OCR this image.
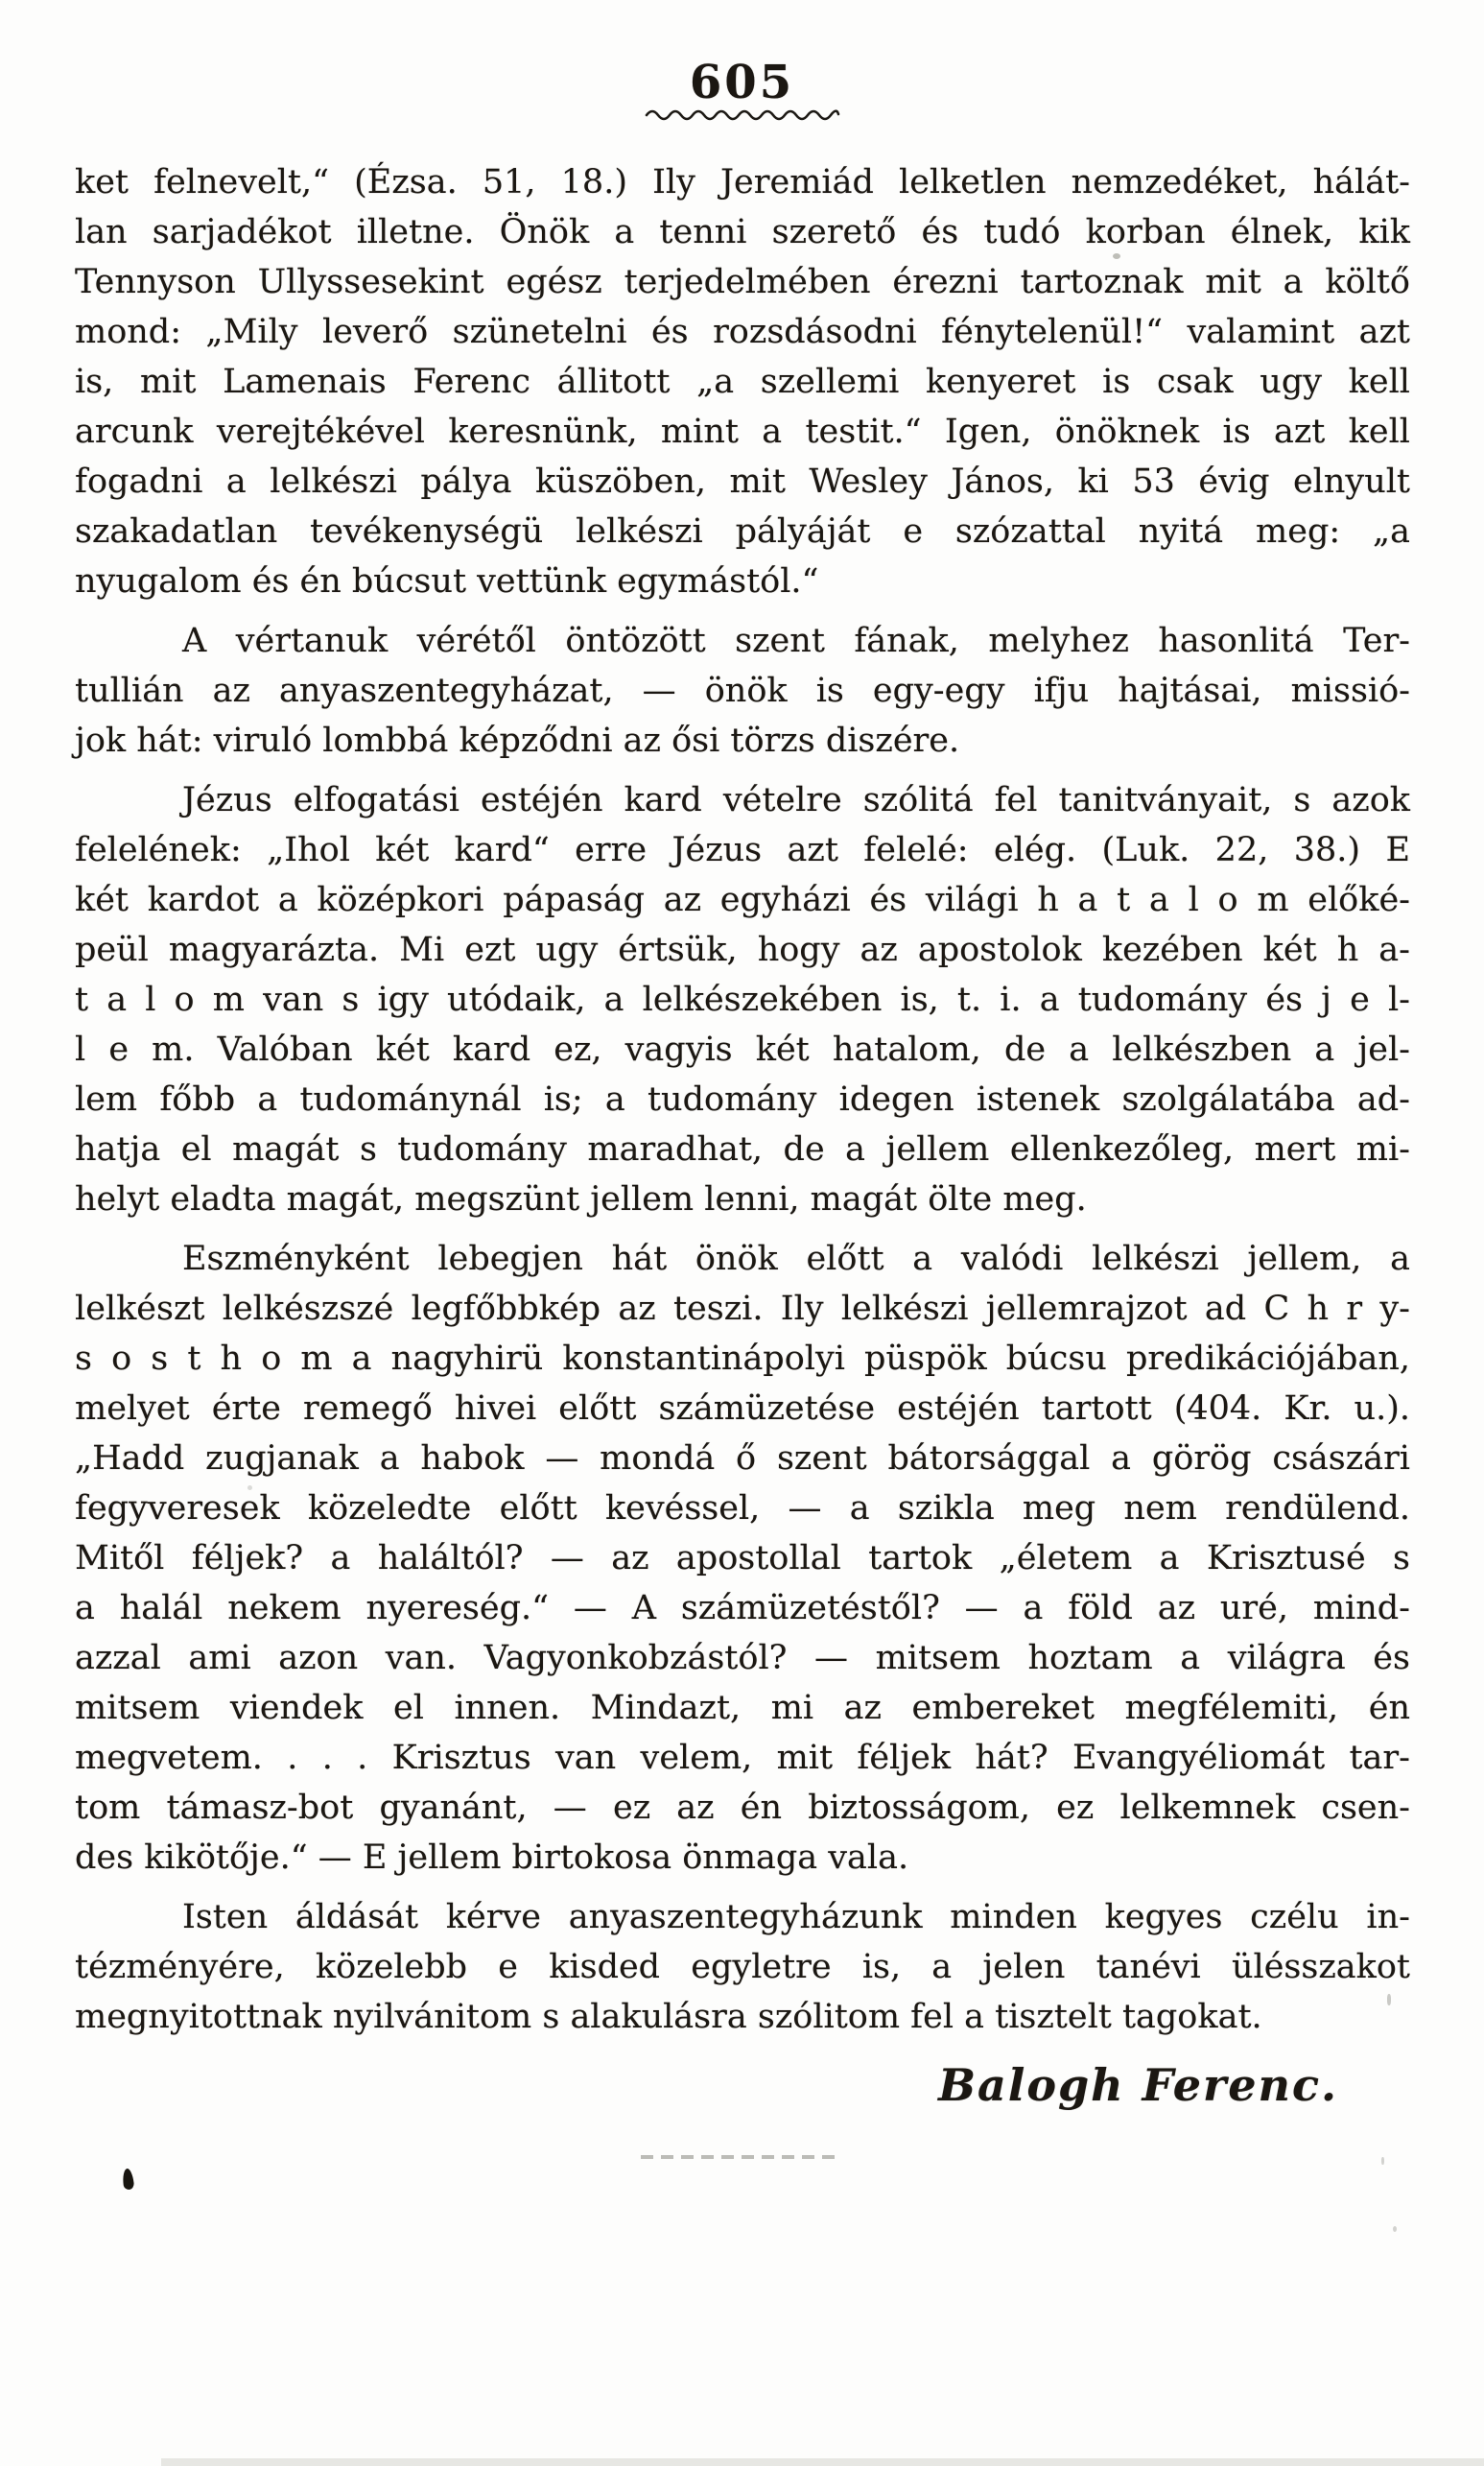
605
ket felnevelt,“ (Ézsa. 51, 18.) Ily Jeremiád lelketlen nemzedéket, hálát-
lan sarjadékot illetne. Önök a tenni szerető és tudó korban élnek, kik
Tennyson Ullyssesekint egész terjedelmében érezni tartoznak mit a költő
mond: „Mily leverő szünetelni és rozsdásodni fénytelenül!“ valamint azt
is, mit Lamenais Ferenc állitott „a szellemi kenyeret is csak ugy kell
arcunk verejtékével keresnünk, mint a testit.“ Igen, önöknek is azt kell
fogadni a lelkészi pálya küszöben, mit Wesley János, ki 53 évig elnyult
szakadatlan tevékenységü lelkészi pályáját e szózattal nyitá meg: „a
nyugalom és én búcsut vettünk egymástól.“
A vértanuk vérétől öntözött szent fának, melyhez hasonlitá Ter-
tullián az anyaszentegyházat, — önök is egy-egy ifju hajtásai, missió-
jok hát: viruló lombbá képződni az ősi törzs diszére.
Jézus elfogatási estéjén kard vételre szólitá fel tanitványait, s azok
felelének: „Ihol két kard“ erre Jézus azt felelé: elég. (Luk. 22, 38.) E
két kardot a középkori pápaság az egyházi és világi h a t a l o m előké-
peül magyarázta. Mi ezt ugy értsük, hogy az apostolok kezében két h a-
t a l o m van s igy utódaik, a lelkészekében is, t. i. a tudomány és j e l-
l e m. Valóban két kard ez, vagyis két hatalom, de a lelkészben a jel-
lem főbb a tudománynál is; a tudomány idegen istenek szolgálatába ad-
hatja el magát s tudomány maradhat, de a jellem ellenkezőleg, mert mi-
helyt eladta magát, megszünt jellem lenni, magát ölte meg.
Eszményként lebegjen hát önök előtt a valódi lelkészi jellem, a
lelkészt lelkészszé legfőbbkép az teszi. Ily lelkészi jellemrajzot ad C h r y-
s o s t h o m a nagyhirü konstantinápolyi püspök búcsu predikációjában,
melyet érte remegő hivei előtt számüzetése estéjén tartott (404. Kr. u.).
„Hadd zugjanak a habok — mondá ő szent bátorsággal a görög császári
fegyveresek közeledte előtt kevéssel, — a szikla meg nem rendülend.
Mitől féljek? a haláltól? — az apostollal tartok „életem a Krisztusé s
a halál nekem nyereség.“ — A számüzetéstől? — a föld az uré, mind-
azzal ami azon van. Vagyonkobzástól? — mitsem hoztam a világra és
mitsem viendek el innen. Mindazt, mi az embereket megfélemiti, én
megvetem. . . . Krisztus van velem, mit féljek hát? Evangyéliomát tar-
tom támasz-bot gyanánt, — ez az én biztosságom, ez lelkemnek csen-
des kikötője.“ — E jellem birtokosa önmaga vala.
Isten áldását kérve anyaszentegyházunk minden kegyes czélu in-
tézményére, közelebb e kisded egyletre is, a jelen tanévi ülésszakot
megnyitottnak nyilvánitom s alakulásra szólitom fel a tisztelt tagokat.
Balogh Ferenc.
